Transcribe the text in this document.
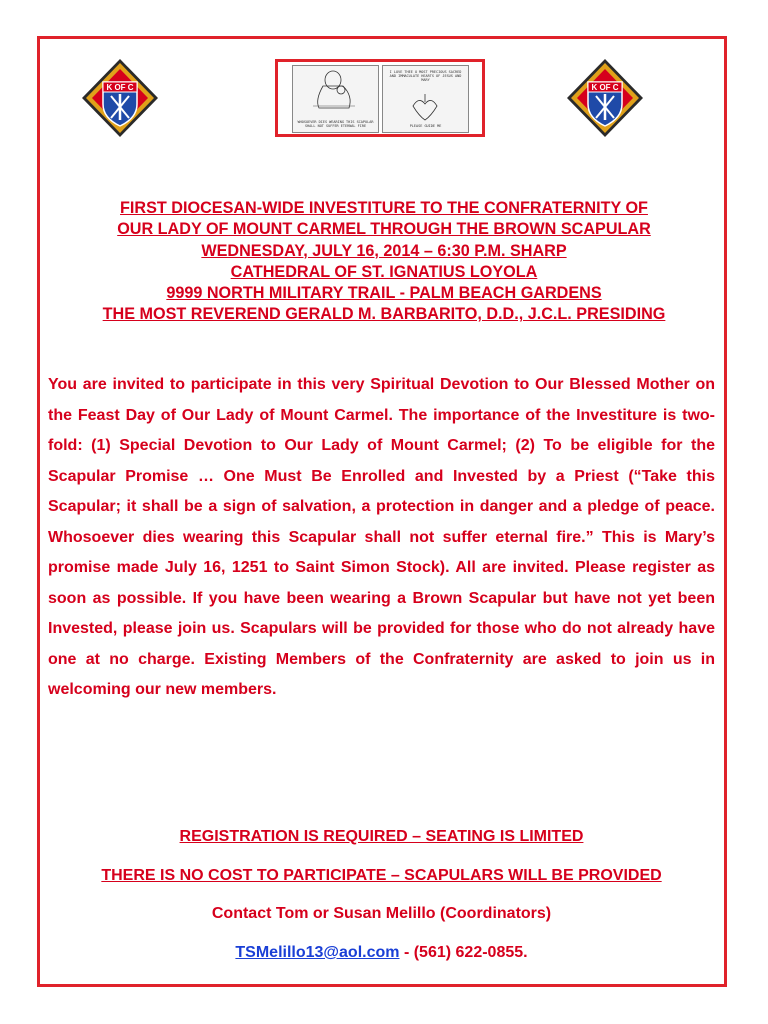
K OF C
WHOSOEVER DIES WEARING THIS SCAPULAR SHALL NOT SUFFER ETERNAL FIRE
I LOVE THEE O MOST PRECIOUS SACRED AND IMMACULATE HEARTS OF JESUS AND MARY
PLEASE GUIDE ME
K OF C
FIRST DIOCESAN-WIDE INVESTITURE TO THE CONFRATERNITY OF
OUR LADY OF MOUNT CARMEL THROUGH THE BROWN SCAPULAR
WEDNESDAY, JULY 16, 2014 – 6:30 P.M. SHARP
CATHEDRAL OF ST. IGNATIUS LOYOLA
9999 NORTH MILITARY TRAIL - PALM BEACH GARDENS
THE MOST REVEREND GERALD M. BARBARITO, D.D., J.C.L. PRESIDING
You are invited to participate in this very Spiritual Devotion to Our Blessed Mother on the Feast Day of Our Lady of Mount Carmel. The importance of the Investiture is two-fold: (1) Special Devotion to Our Lady of Mount Carmel; (2) To be eligible for the Scapular Promise … One Must Be Enrolled and Invested by a Priest (“Take this Scapular; it shall be a sign of salvation, a protection in danger and a pledge of peace. Whosoever dies wearing this Scapular shall not suffer eternal fire.” This is Mary’s promise made July 16, 1251 to Saint Simon Stock). All are invited. Please register as soon as possible. If you have been wearing a Brown Scapular but have not yet been Invested, please join us. Scapulars will be provided for those who do not already have one at no charge. Existing Members of the Confraternity are asked to join us in welcoming our new members.
REGISTRATION IS REQUIRED – SEATING IS LIMITED
THERE IS NO COST TO PARTICIPATE – SCAPULARS WILL BE PROVIDED
Contact Tom or Susan Melillo (Coordinators)
TSMelillo13@aol.com - (561) 622-0855.
